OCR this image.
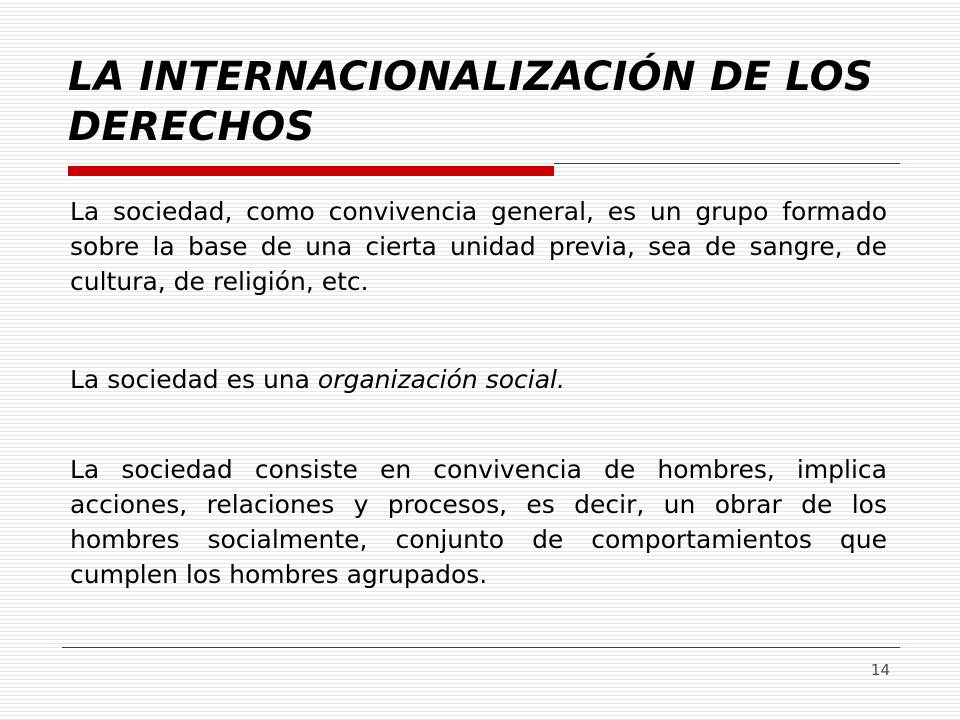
LA INTERNACIONALIZACIÓN DE LOS DERECHOS

La sociedad, como convivencia general, es un grupo formado sobre la base de una cierta unidad previa, sea de sangre, de cultura, de religión, etc.

La sociedad es una organización social.

La sociedad consiste en convivencia de hombres, implica acciones, relaciones y procesos, es decir, un obrar de los hombres socialmente, conjunto de comportamientos que cumplen los hombres agrupados.

14
